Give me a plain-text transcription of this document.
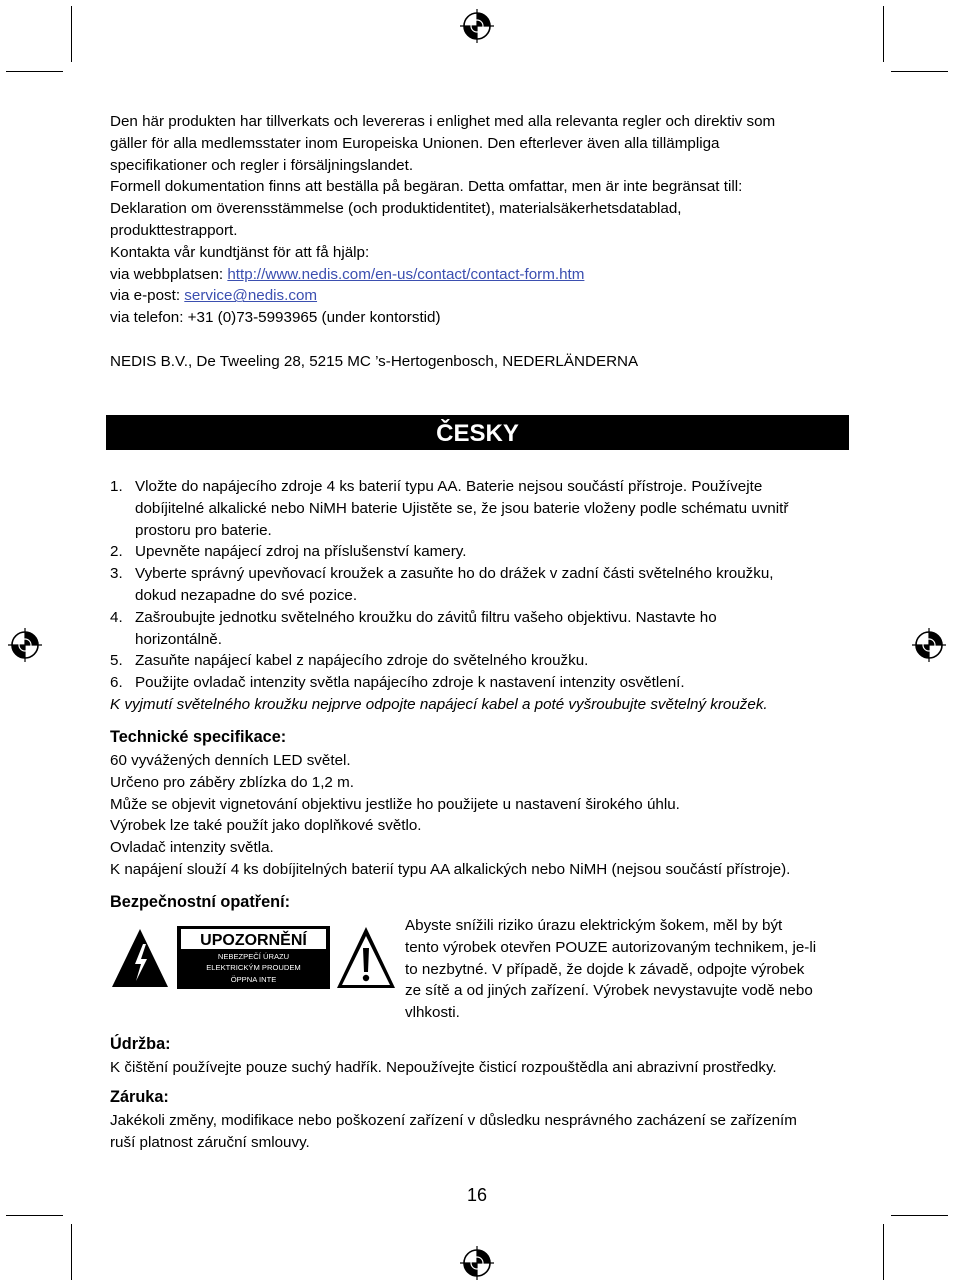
Den här produkten har tillverkats och levereras i enlighet med alla relevanta regler och direktiv som
gäller för alla medlemsstater inom Europeiska Unionen. Den efterlever även alla tillämpliga
specifikationer och regler i försäljningslandet.
Formell dokumentation finns att beställa på begäran. Detta omfattar, men är inte begränsat till:
Deklaration om överensstämmelse (och produktidentitet), materialsäkerhetsdatablad,
produkttestrapport.
Kontakta vår kundtjänst för att få hjälp:
via webbplatsen: http://www.nedis.com/en-us/contact/contact-form.htm
via e-post: service@nedis.com
via telefon: +31 (0)73-5993965 (under kontorstid)

NEDIS B.V., De Tweeling 28, 5215 MC ’s-Hertogenbosch, NEDERLÄNDERNA

ČESKY
1. Vložte do napájecího zdroje 4 ks baterií typu AA. Baterie nejsou součástí přístroje. Používejte
dobíjitelné alkalické nebo NiMH baterie Ujistěte se, že jsou baterie vloženy podle schématu uvnitř
prostoru pro baterie.
2. Upevněte napájecí zdroj na příslušenství kamery.
3. Vyberte správný upevňovací kroužek a zasuňte ho do drážek v zadní části světelného kroužku,
dokud nezapadne do své pozice.
4. Zašroubujte jednotku světelného kroužku do závitů filtru vašeho objektivu. Nastavte ho
horizontálně.
5. Zasuňte napájecí kabel z napájecího zdroje do světelného kroužku.
6. Použijte ovladač intenzity světla napájecího zdroje k nastavení intenzity osvětlení.
K vyjmutí světelného kroužku nejprve odpojte napájecí kabel a poté vyšroubujte světelný kroužek.
Technické specifikace:
60 vyvážených denních LED světel.
Určeno pro záběry zblízka do 1,2 m.
Může se objevit vignetování objektivu jestliže ho použijete u nastavení širokého úhlu.
Výrobek lze také použít jako doplňkové světlo.
Ovladač intenzity světla.
K napájení slouží 4 ks dobíjitelných baterií typu AA alkalických nebo NiMH (nejsou součástí přístroje).
Bezpečnostní opatření:
UPOZORNĚNÍ
NEBEZPEČÍ ÚRAZU
ELEKTRICKÝM PROUDEM
ÖPPNA INTE
Abyste snížili riziko úrazu elektrickým šokem, měl by být
tento výrobek otevřen POUZE autorizovaným technikem, je-li
to nezbytné. V případě, že dojde k závadě, odpojte výrobek
ze sítě a od jiných zařízení. Výrobek nevystavujte vodě nebo
vlhkosti.
Údržba:

K čištění používejte pouze suchý hadřík. Nepoužívejte čisticí rozpouštědla ani abrazivní prostředky.

Záruka:
Jakékoli změny, modifikace nebo poškození zařízení v důsledku nesprávného zacházení se zařízením
ruší platnost záruční smlouvy.
16
